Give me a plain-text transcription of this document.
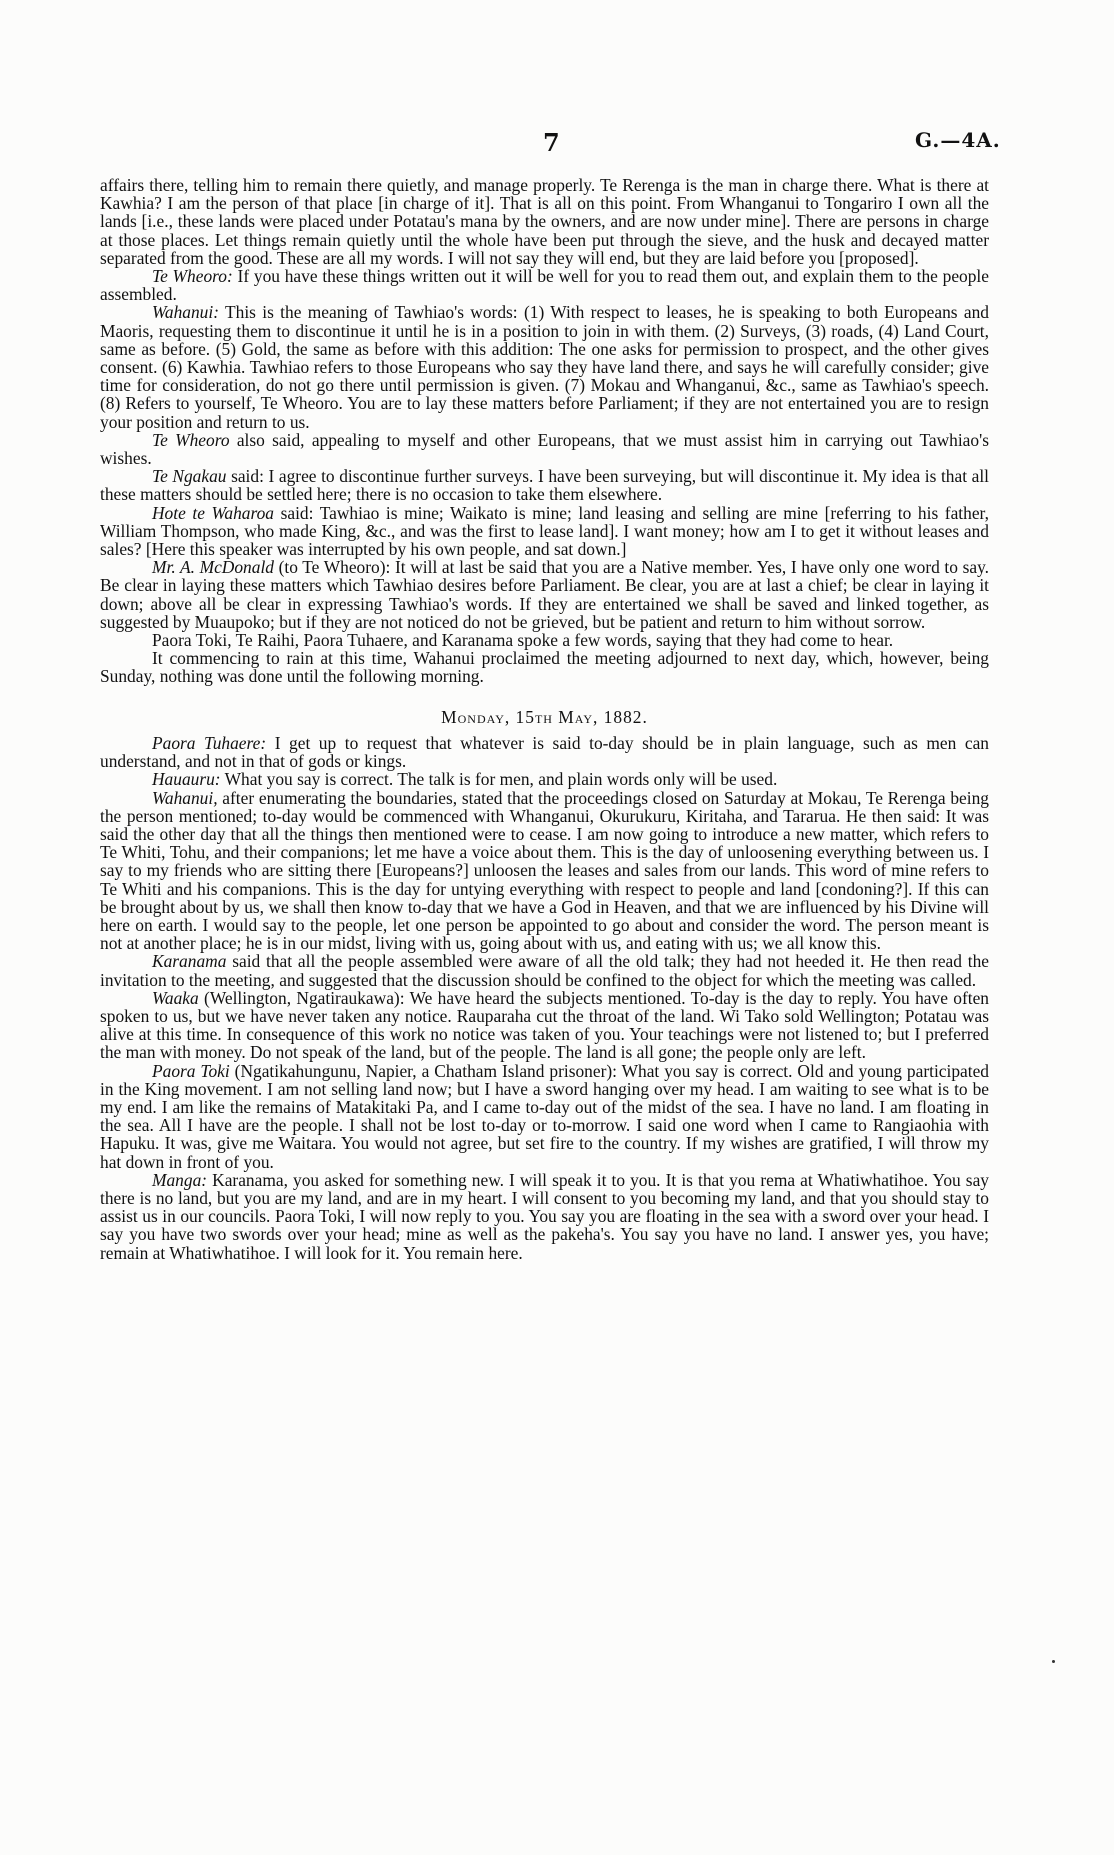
7	G.—4A.

affairs there, telling him to remain there quietly, and manage properly. Te Rerenga is the man in charge there. What is there at Kawhia? I am the person of that place [in charge of it]. That is all on this point. From Whanganui to Tongariro I own all the lands [i.e., these lands were placed under Potatau's mana by the owners, and are now under mine]. There are persons in charge at those places. Let things remain quietly until the whole have been put through the sieve, and the husk and decayed matter separated from the good. These are all my words. I will not say they will end, but they are laid before you [proposed].

Te Wheoro: If you have these things written out it will be well for you to read them out, and explain them to the people assembled.

Wahanui: This is the meaning of Tawhiao's words: (1) With respect to leases, he is speaking to both Europeans and Maoris, requesting them to discontinue it until he is in a position to join in with them. (2) Surveys, (3) roads, (4) Land Court, same as before. (5) Gold, the same as before with this addition: The one asks for permission to prospect, and the other gives consent. (6) Kawhia. Tawhiao refers to those Europeans who say they have land there, and says he will carefully consider; give time for consideration, do not go there until permission is given. (7) Mokau and Whanganui, &c., same as Tawhiao's speech. (8) Refers to yourself, Te Wheoro. You are to lay these matters before Parliament; if they are not entertained you are to resign your position and return to us.

Te Wheoro also said, appealing to myself and other Europeans, that we must assist him in carrying out Tawhiao's wishes.

Te Ngakau said: I agree to discontinue further surveys. I have been surveying, but will discontinue it. My idea is that all these matters should be settled here; there is no occasion to take them elsewhere.

Hote te Waharoa said: Tawhiao is mine; Waikato is mine; land leasing and selling are mine [referring to his father, William Thompson, who made King, &c., and was the first to lease land]. I want money; how am I to get it without leases and sales? [Here this speaker was interrupted by his own people, and sat down.]

Mr. A. McDonald (to Te Wheoro): It will at last be said that you are a Native member. Yes, I have only one word to say. Be clear in laying these matters which Tawhiao desires before Parliament. Be clear, you are at last a chief; be clear in laying it down; above all be clear in expressing Tawhiao's words. If they are entertained we shall be saved and linked together, as suggested by Muaupoko; but if they are not noticed do not be grieved, but be patient and return to him without sorrow.

Paora Toki, Te Raihi, Paora Tuhaere, and Karanama spoke a few words, saying that they had come to hear.

It commencing to rain at this time, Wahanui proclaimed the meeting adjourned to next day, which, however, being Sunday, nothing was done until the following morning.

Monday, 15th May, 1882.

Paora Tuhaere: I get up to request that whatever is said to-day should be in plain language, such as men can understand, and not in that of gods or kings.

Hauauru: What you say is correct. The talk is for men, and plain words only will be used.

Wahanui, after enumerating the boundaries, stated that the proceedings closed on Saturday at Mokau, Te Rerenga being the person mentioned; to-day would be commenced with Whanganui, Okurukuru, Kiritaha, and Tararua. He then said: It was said the other day that all the things then mentioned were to cease. I am now going to introduce a new matter, which refers to Te Whiti, Tohu, and their companions; let me have a voice about them. This is the day of unloosening everything between us. I say to my friends who are sitting there [Europeans?] unloosen the leases and sales from our lands. This word of mine refers to Te Whiti and his companions. This is the day for untying everything with respect to people and land [condoning?]. If this can be brought about by us, we shall then know to-day that we have a God in Heaven, and that we are influenced by his Divine will here on earth. I would say to the people, let one person be appointed to go about and consider the word. The person meant is not at another place; he is in our midst, living with us, going about with us, and eating with us; we all know this.

Karanama said that all the people assembled were aware of all the old talk; they had not heeded it. He then read the invitation to the meeting, and suggested that the discussion should be confined to the object for which the meeting was called.

Waaka (Wellington, Ngatiraukawa): We have heard the subjects mentioned. To-day is the day to reply. You have often spoken to us, but we have never taken any notice. Rauparaha cut the throat of the land. Wi Tako sold Wellington; Potatau was alive at this time. In consequence of this work no notice was taken of you. Your teachings were not listened to; but I preferred the man with money. Do not speak of the land, but of the people. The land is all gone; the people only are left.

Paora Toki (Ngatikahungunu, Napier, a Chatham Island prisoner): What you say is correct. Old and young participated in the King movement. I am not selling land now; but I have a sword hanging over my head. I am waiting to see what is to be my end. I am like the remains of Matakitaki Pa, and I came to-day out of the midst of the sea. I have no land. I am floating in the sea. All I have are the people. I shall not be lost to-day or to-morrow. I said one word when I came to Rangiaohia with Hapuku. It was, give me Waitara. You would not agree, but set fire to the country. If my wishes are gratified, I will throw my hat down in front of you.

Manga: Karanama, you asked for something new. I will speak it to you. It is that you rema at Whatiwhatihoe. You say there is no land, but you are my land, and are in my heart. I will consent to you becoming my land, and that you should stay to assist us in our councils. Paora Toki, I will now reply to you. You say you are floating in the sea with a sword over your head. I say you have two swords over your head; mine as well as the pakeha's. You say you have no land. I answer yes, you have; remain at Whatiwhatihoe. I will look for it. You remain here.
